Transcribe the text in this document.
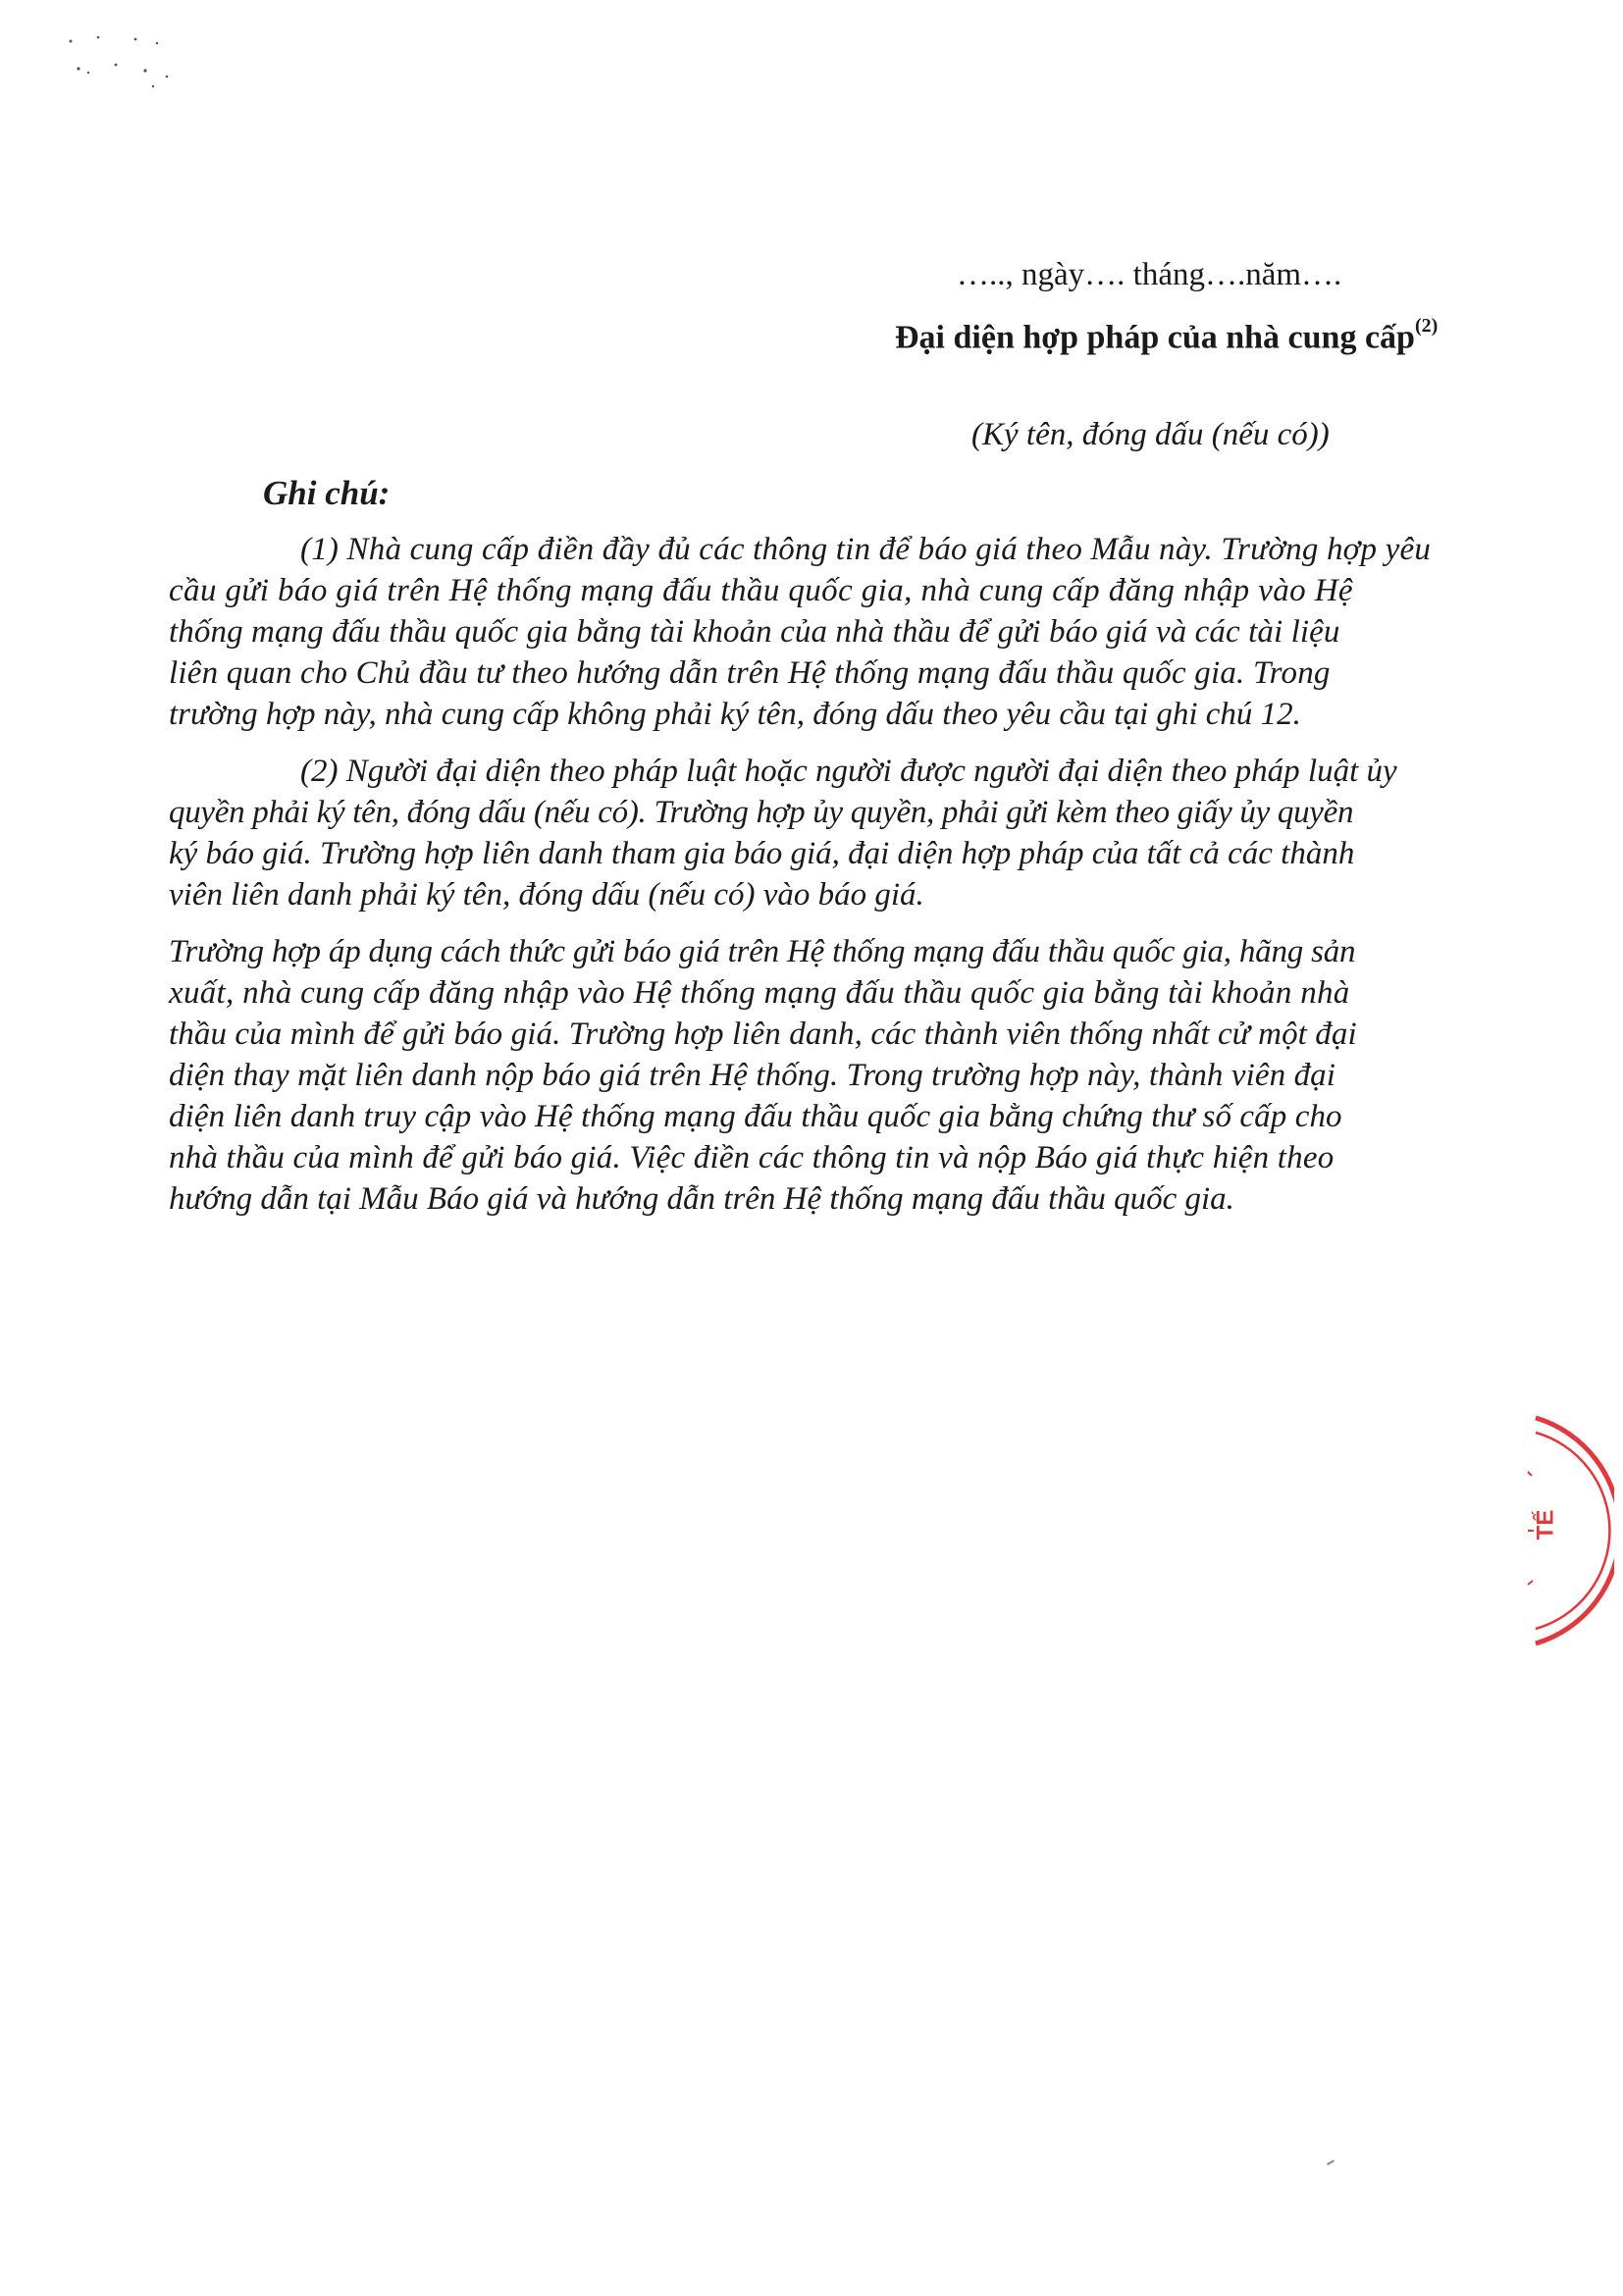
….., ngày…. tháng….năm….
Đại diện hợp pháp của nhà cung cấp$^{(2)}$
(Ký tên, đóng dấu (nếu có))
Ghi chú:
(1) Nhà cung cấp điền đầy đủ các thông tin để báo giá theo Mẫu này. Trường hợp yêu
cầu gửi báo giá trên Hệ thống mạng đấu thầu quốc gia, nhà cung cấp đăng nhập vào Hệ
thống mạng đấu thầu quốc gia bằng tài khoản của nhà thầu để gửi báo giá và các tài liệu
liên quan cho Chủ đầu tư theo hướng dẫn trên Hệ thống mạng đấu thầu quốc gia. Trong
trường hợp này, nhà cung cấp không phải ký tên, đóng dấu theo yêu cầu tại ghi chú 12.
(2) Người đại diện theo pháp luật hoặc người được người đại diện theo pháp luật ủy
quyền phải ký tên, đóng dấu (nếu có). Trường hợp ủy quyền, phải gửi kèm theo giấy ủy quyền
ký báo giá. Trường hợp liên danh tham gia báo giá, đại diện hợp pháp của tất cả các thành
viên liên danh phải ký tên, đóng dấu (nếu có) vào báo giá.
Trường hợp áp dụng cách thức gửi báo giá trên Hệ thống mạng đấu thầu quốc gia, hãng sản
xuất, nhà cung cấp đăng nhập vào Hệ thống mạng đấu thầu quốc gia bằng tài khoản nhà
thầu của mình để gửi báo giá. Trường hợp liên danh, các thành viên thống nhất cử một đại
diện thay mặt liên danh nộp báo giá trên Hệ thống. Trong trường hợp này, thành viên đại
diện liên danh truy cập vào Hệ thống mạng đấu thầu quốc gia bằng chứng thư số cấp cho
nhà thầu của mình để gửi báo giá. Việc điền các thông tin và nộp Báo giá thực hiện theo
hướng dẫn tại Mẫu Báo giá và hướng dẫn trên Hệ thống mạng đấu thầu quốc gia.
TẾ
